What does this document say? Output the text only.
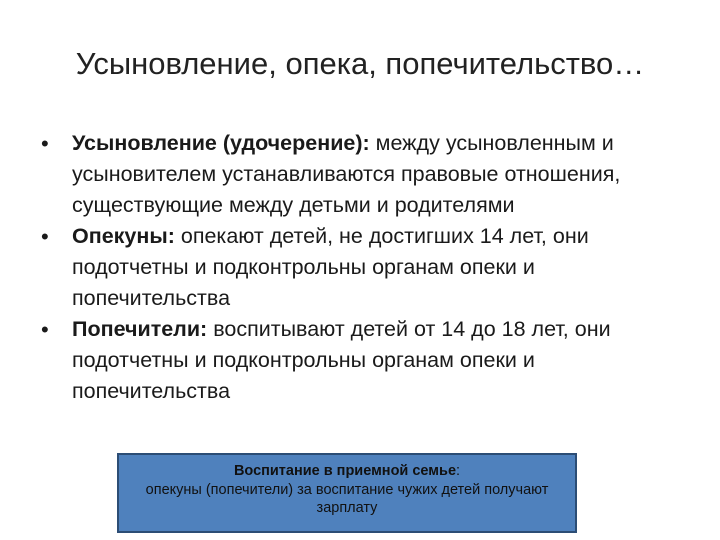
Усыновление, опека, попечительство…
• Усыновление (удочерение): между усыновленным и усыновителем устанавливаются правовые отношения, существующие между детьми и родителями
• Опекуны: опекают детей, не достигших 14 лет, они подотчетны и подконтрольны органам опеки и попечительства
• Попечители: воспитывают детей от 14 до 18 лет, они подотчетны и подконтрольны органам опеки и попечительства
Воспитание в приемной семье:
опекуны (попечители) за воспитание чужих детей получают зарплату
